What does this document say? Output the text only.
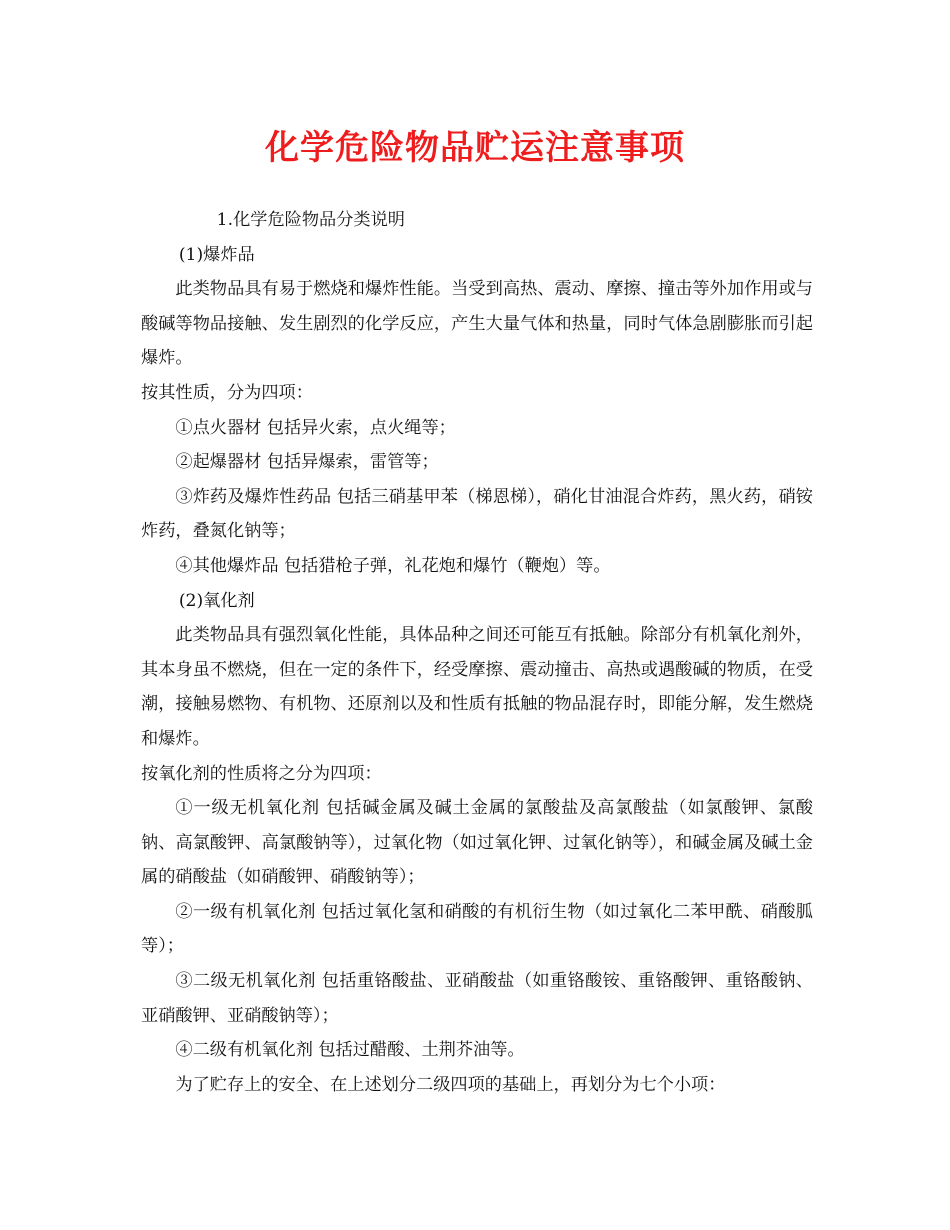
化学危险物品贮运注意事项

1.化学危险物品分类说明

(1)爆炸品

此类物品具有易于燃烧和爆炸性能。当受到高热、震动、摩擦、撞击等外加作用或与酸碱等物品接触、发生剧烈的化学反应，产生大量气体和热量，同时气体急剧膨胀而引起爆炸。

按其性质，分为四项：

①点火器材 包括异火索，点火绳等；

②起爆器材 包括异爆索，雷管等；

③炸药及爆炸性药品 包括三硝基甲苯（梯恩梯），硝化甘油混合炸药，黑火药，硝铵炸药，叠氮化钠等；

④其他爆炸品 包括猎枪子弹，礼花炮和爆竹（鞭炮）等。

(2)氧化剂

此类物品具有强烈氧化性能，具体品种之间还可能互有抵触。除部分有机氧化剂外，其本身虽不燃烧，但在一定的条件下，经受摩擦、震动撞击、高热或遇酸碱的物质，在受潮，接触易燃物、有机物、还原剂以及和性质有抵触的物品混存时，即能分解，发生燃烧和爆炸。

按氧化剂的性质将之分为四项：

①一级无机氧化剂 包括碱金属及碱土金属的氯酸盐及高氯酸盐（如氯酸钾、氯酸钠、高氯酸钾、高氯酸钠等），过氧化物（如过氧化钾、过氧化钠等），和碱金属及碱土金属的硝酸盐（如硝酸钾、硝酸钠等）；

②一级有机氧化剂 包括过氧化氢和硝酸的有机衍生物（如过氧化二苯甲酰、硝酸胍等）；

③二级无机氧化剂 包括重铬酸盐、亚硝酸盐（如重铬酸铵、重铬酸钾、重铬酸钠、亚硝酸钾、亚硝酸钠等）；

④二级有机氧化剂 包括过醋酸、土荆芥油等。

为了贮存上的安全、在上述划分二级四项的基础上，再划分为七个小项：
